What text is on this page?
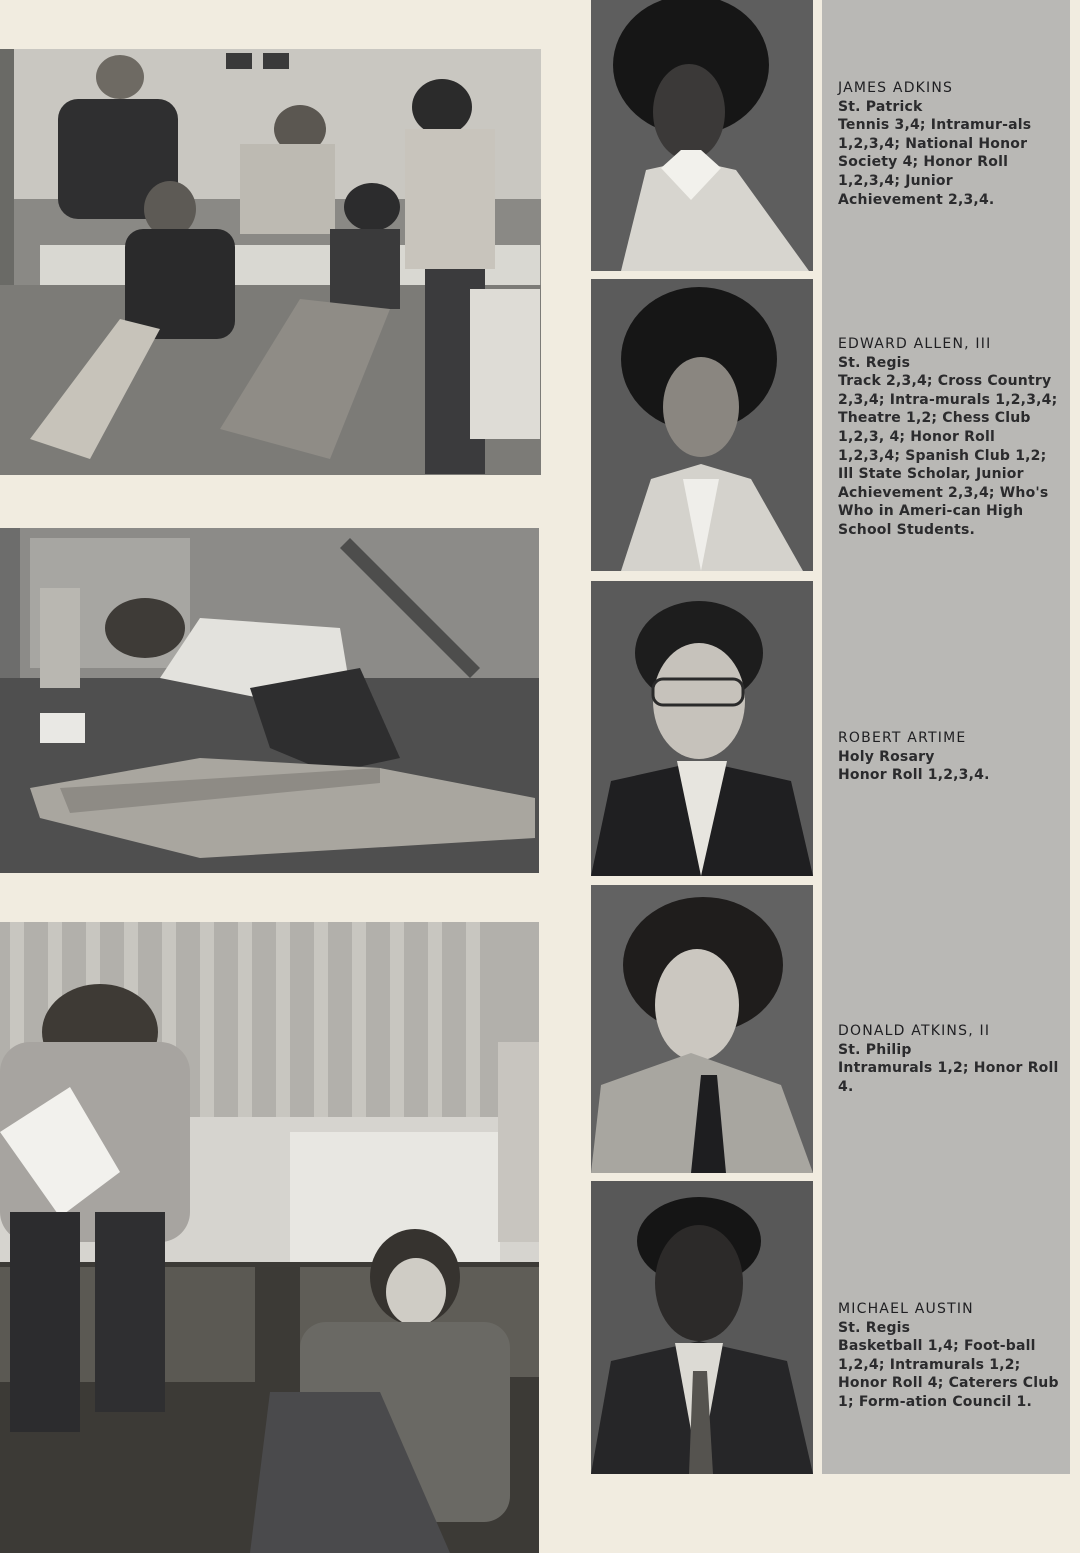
JAMES ADKINS
St. Patrick
Tennis 3,4; Intramur-als 1,2,3,4; National Honor Society 4; Honor Roll 1,2,3,4; Junior Achievement 2,3,4.
EDWARD ALLEN, III
St. Regis
Track 2,3,4; Cross Country 2,3,4; Intra-murals 1,2,3,4; Theatre 1,2; Chess Club 1,2,3, 4; Honor Roll 1,2,3,4; Spanish Club 1,2; Ill State Scholar, Junior Achievement 2,3,4; Who's Who in Ameri-can High School Students.
ROBERT ARTIME
Holy Rosary
Honor Roll 1,2,3,4.
DONALD ATKINS, II
St. Philip
Intramurals 1,2; Honor Roll 4.
MICHAEL AUSTIN
St. Regis
Basketball 1,4; Foot-ball 1,2,4; Intramurals 1,2; Honor Roll 4; Caterers Club 1; Form-ation Council 1.
